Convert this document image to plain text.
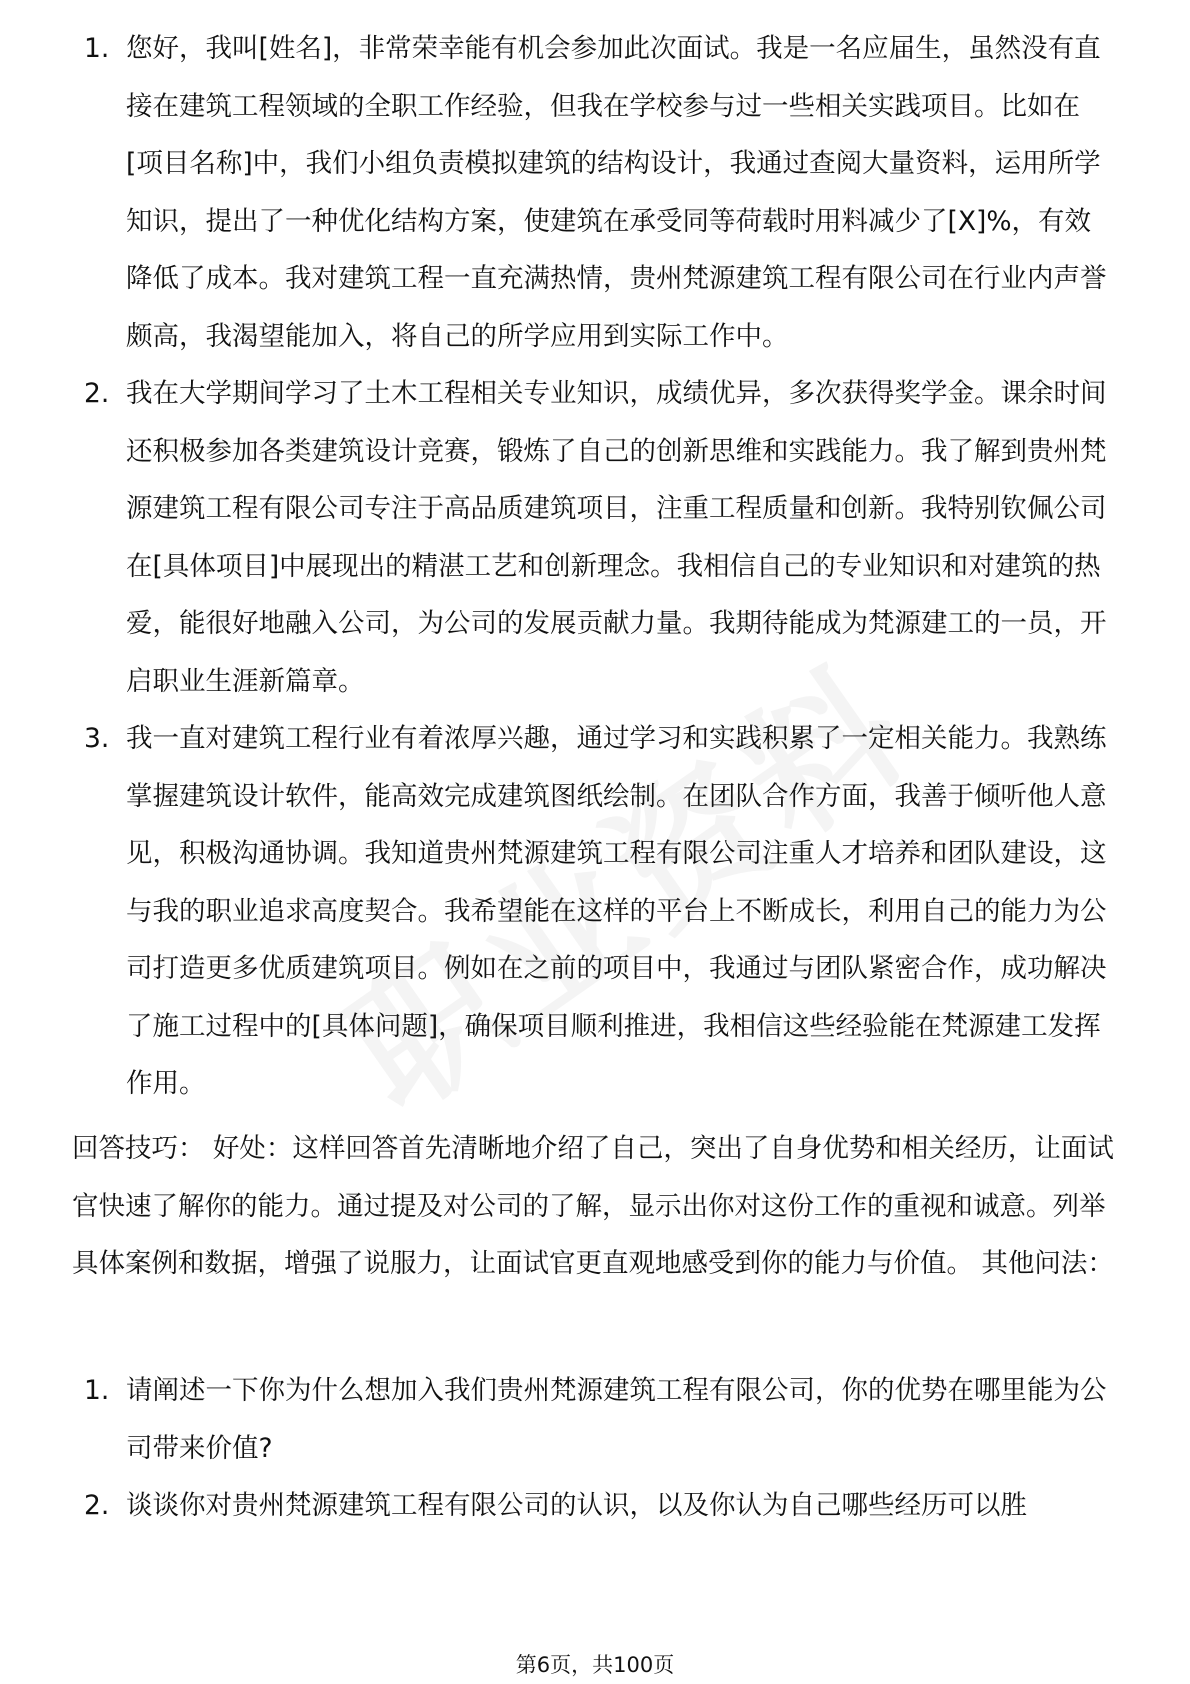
1. 您好，我叫[姓名]，非常荣幸能有机会参加此次面试。我是一名应届生，虽然没有直接在建筑工程领域的全职工作经验，但我在学校参与过一些相关实践项目。比如在[项目名称]中，我们小组负责模拟建筑的结构设计，我通过查阅大量资料，运用所学知识，提出了一种优化结构方案，使建筑在承受同等荷载时用料减少了[X]%，有效降低了成本。我对建筑工程一直充满热情，贵州梵源建筑工程有限公司在行业内声誉颇高，我渴望能加入，将自己的所学应用到实际工作中。
2. 我在大学期间学习了土木工程相关专业知识，成绩优异，多次获得奖学金。课余时间还积极参加各类建筑设计竞赛，锻炼了自己的创新思维和实践能力。我了解到贵州梵源建筑工程有限公司专注于高品质建筑项目，注重工程质量和创新。我特别钦佩公司在[具体项目]中展现出的精湛工艺和创新理念。我相信自己的专业知识和对建筑的热爱，能很好地融入公司，为公司的发展贡献力量。我期待能成为梵源建工的一员，开启职业生涯新篇章。
3. 我一直对建筑工程行业有着浓厚兴趣，通过学习和实践积累了一定相关能力。我熟练掌握建筑设计软件，能高效完成建筑图纸绘制。在团队合作方面，我善于倾听他人意见，积极沟通协调。我知道贵州梵源建筑工程有限公司注重人才培养和团队建设，这与我的职业追求高度契合。我希望能在这样的平台上不断成长，利用自己的能力为公司打造更多优质建筑项目。例如在之前的项目中，我通过与团队紧密合作，成功解决了施工过程中的[具体问题]，确保项目顺利推进，我相信这些经验能在梵源建工发挥作用。

回答技巧： 好处：这样回答首先清晰地介绍了自己，突出了自身优势和相关经历，让面试官快速了解你的能力。通过提及对公司的了解，显示出你对这份工作的重视和诚意。列举具体案例和数据，增强了说服力，让面试官更直观地感受到你的能力与价值。 其他问法：

1. 请阐述一下你为什么想加入我们贵州梵源建筑工程有限公司，你的优势在哪里能为公司带来价值?
2. 谈谈你对贵州梵源建筑工程有限公司的认识，以及你认为自己哪些经历可以胜
第6页，共100页
